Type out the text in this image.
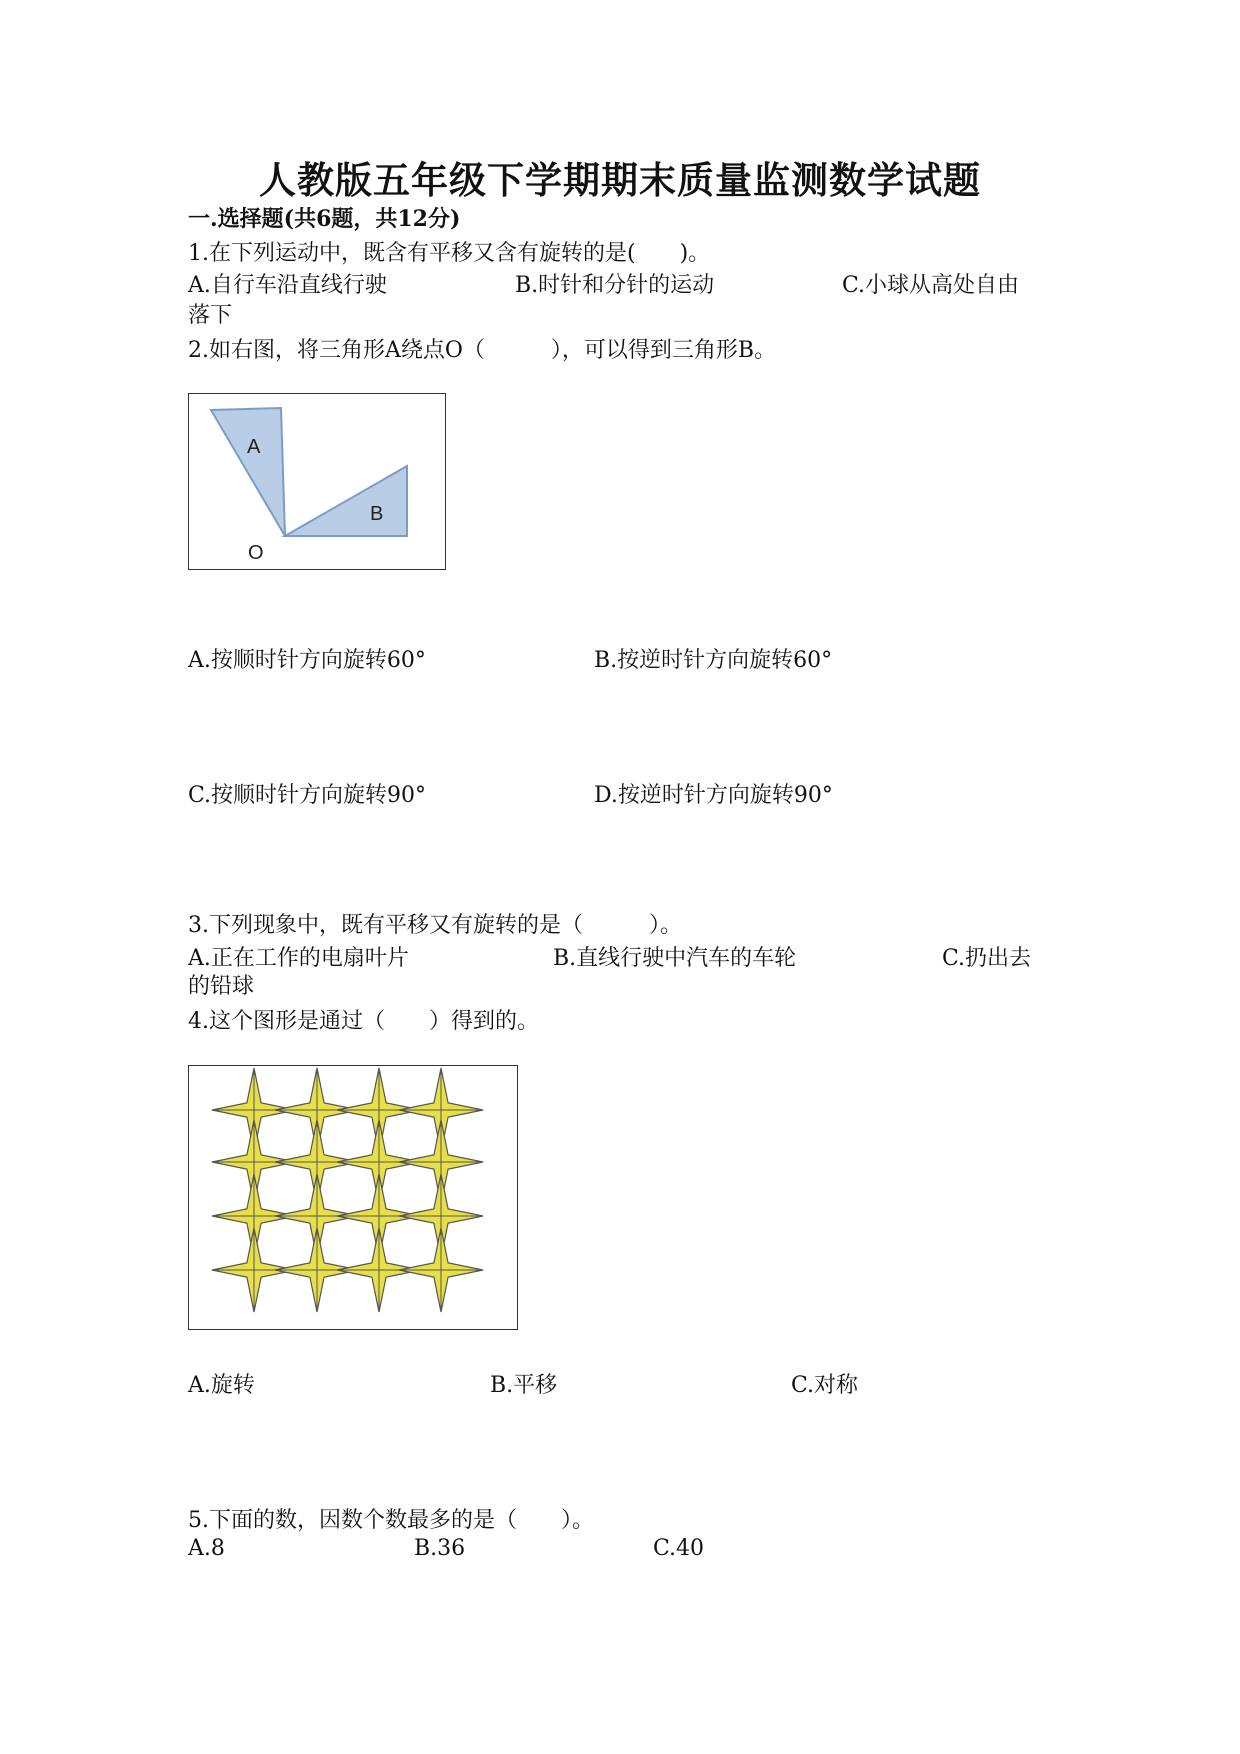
人教版五年级下学期期末质量监测数学试题
一.选择题(共6题，共12分)
1.在下列运动中，既含有平移又含有旋转的是(　　)。
A.自行车沿直线行驶	B.时针和分针的运动	C.小球从高处自由
落下
2.如右图，将三角形A绕点O（　　　），可以得到三角形B。
A
B
O
A.按顺时针方向旋转60°	B.按逆时针方向旋转60°
C.按顺时针方向旋转90°	D.按逆时针方向旋转90°
3.下列现象中，既有平移又有旋转的是（　　　）。
A.正在工作的电扇叶片	B.直线行驶中汽车的车轮	C.扔出去
的铅球
4.这个图形是通过（　　）得到的。
A.旋转	B.平移	C.对称
5.下面的数，因数个数最多的是（　　）。
A.8	B.36	C.40
